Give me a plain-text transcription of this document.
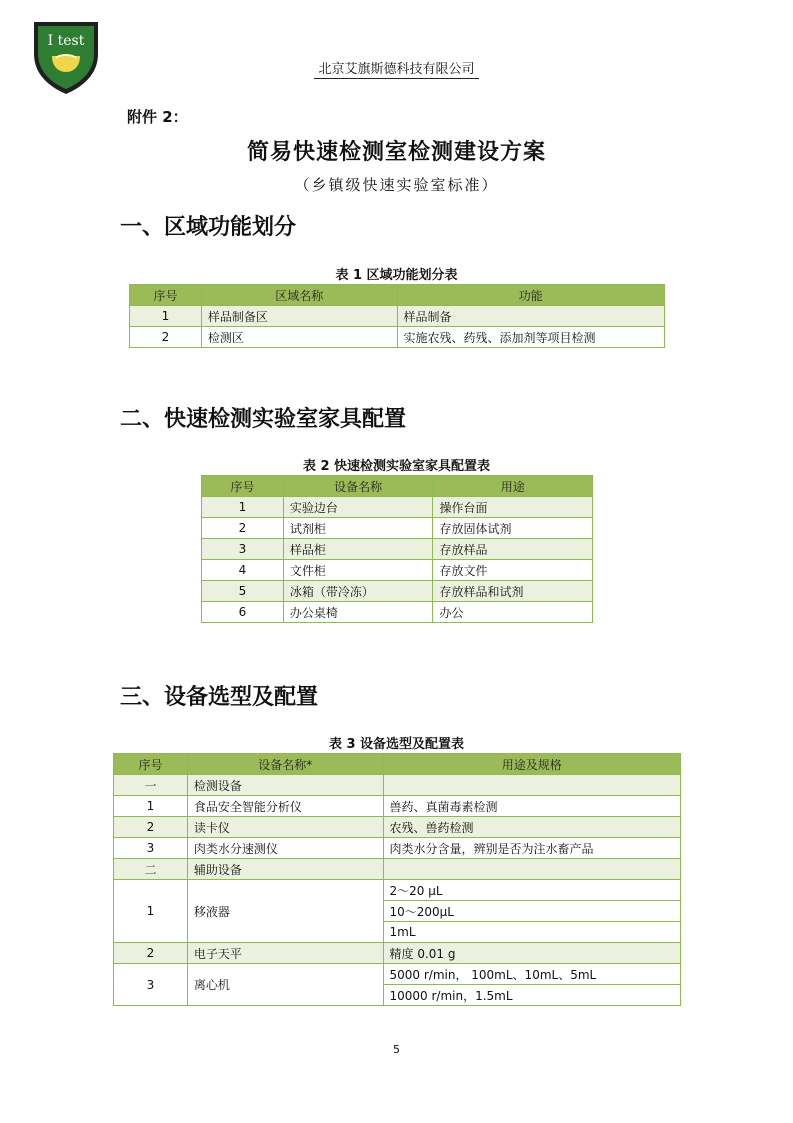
I test
北京艾旗斯德科技有限公司
附件 2：
简易快速检测室检测建设方案
（乡镇级快速实验室标准）
一、区域功能划分
表 1 区域功能划分表
序号	区域名称	功能
1	样品制备区	样品制备
2	检测区	实施农残、药残、添加剂等项目检测
二、快速检测实验室家具配置
表 2 快速检测实验室家具配置表
序号	设备名称	用途
1	实验边台	操作台面
2	试剂柜	存放固体试剂
3	样品柜	存放样品
4	文件柜	存放文件
5	冰箱（带冷冻）	存放样品和试剂
6	办公桌椅	办公
三、设备选型及配置
表 3 设备选型及配置表
序号	设备名称*	用途及规格
一	检测设备	
1	食品安全智能分析仪	兽药、真菌毒素检测
2	读卡仪	农残、兽药检测
3	肉类水分速测仪	肉类水分含量，辨别是否为注水畜产品
二	辅助设备	
1	移液器	2～20 μL
		10～200μL
		1mL
2	电子天平	精度 0.01 g
3	离心机	5000 r/min， 100mL、10mL、5mL
		10000 r/min，1.5mL
5
